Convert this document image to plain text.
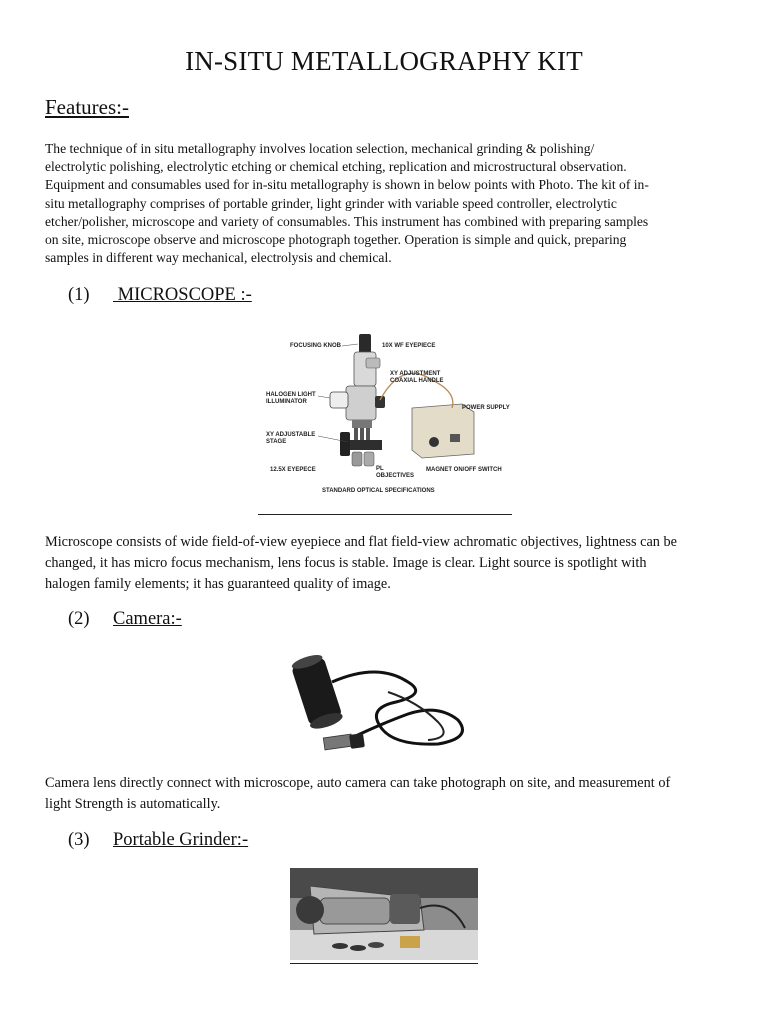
IN-SITU METALLOGRAPHY KIT
Features:-
The technique of in situ metallography involves location selection, mechanical grinding & polishing/
electrolytic polishing, electrolytic etching or chemical etching, replication and microstructural observation.
Equipment and consumables used for in-situ metallography is shown in below points with Photo. The kit of in-
situ metallography comprises of portable grinder, light grinder with variable speed controller, electrolytic
etcher/polisher, microscope and variety of consumables. This instrument has combined with preparing samples
on site, microscope observe and microscope photograph together. Operation is simple and quick, preparing
samples in different way mechanical, electrolysis and chemical.
(1) MICROSCOPE :-
FOCUSING KNOB	10X WF EYEPIECE
XY ADJUSTMENT
COAXIAL HANDLE
HALOGEN LIGHT
ILLUMINATOR
POWER SUPPLY
XY ADJUSTABLE
STAGE
12.5X EYEPECE	PL
OBJECTIVES
MAGNET ON/OFF SWITCH
STANDARD OPTICAL SPECIFICATIONS
Microscope consists of wide field-of-view eyepiece and flat field-view achromatic objectives, lightness can be
changed, it has micro focus mechanism, lens focus is stable. Image is clear. Light source is spotlight with
halogen family elements; it has guaranteed quality of image.
(2) Camera:-
Camera lens directly connect with microscope, auto camera can take photograph on site, and measurement of
light Strength is automatically.
(3) Portable Grinder:-
